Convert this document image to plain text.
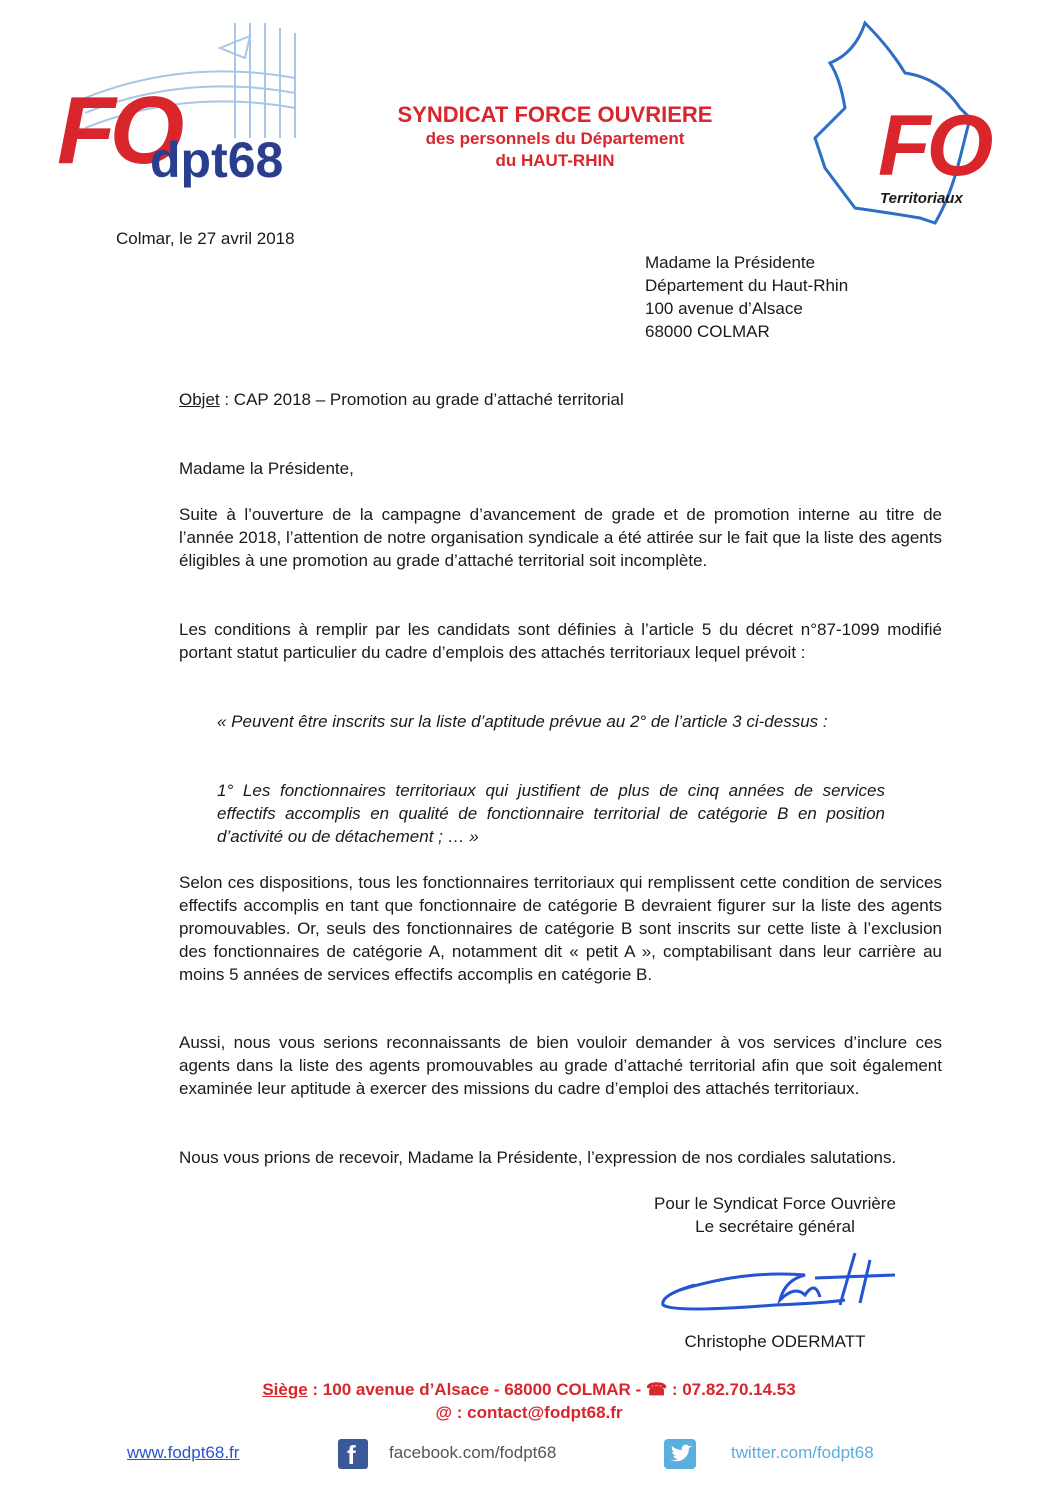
FO
dpt68
SYNDICAT FORCE OUVRIERE
des personnels du Département
du HAUT-RHIN	FO
Territoriaux
Colmar, le 27 avril 2018
Madame la Présidente
Département du Haut-Rhin
100 avenue d’Alsace
68000 COLMAR
Objet : CAP 2018 – Promotion au grade d’attaché territorial
Madame la Présidente,
Suite à l’ouverture de la campagne d’avancement de grade et de promotion interne au titre de l’année 2018, l’attention de notre organisation syndicale a été attirée sur le fait que la liste des agents éligibles à une promotion au grade d’attaché territorial soit incomplète.
Les conditions à remplir par les candidats sont définies à l’article 5 du décret n°87-1099 modifié portant statut particulier du cadre d’emplois des attachés territoriaux lequel prévoit :
« Peuvent être inscrits sur la liste d’aptitude prévue au 2° de l’article 3 ci-dessus :
1° Les fonctionnaires territoriaux qui justifient de plus de cinq années de services effectifs accomplis en qualité de fonctionnaire territorial de catégorie B en position d’activité ou de détachement ; … »
Selon ces dispositions, tous les fonctionnaires territoriaux qui remplissent cette condition de services effectifs accomplis en tant que fonctionnaire de catégorie B devraient figurer sur la liste des agents promouvables. Or, seuls des fonctionnaires de catégorie B sont inscrits sur cette liste à l’exclusion des fonctionnaires de catégorie A, notamment dit « petit A », comptabilisant dans leur carrière au moins 5 années de services effectifs accomplis en catégorie B.
Aussi, nous vous serions reconnaissants de bien vouloir demander à vos services d’inclure ces agents dans la liste des agents promouvables au grade d’attaché territorial afin que soit également examinée leur aptitude à exercer des missions du cadre d’emploi des attachés territoriaux.
Nous vous prions de recevoir, Madame la Présidente, l’expression de nos cordiales salutations.
Pour le Syndicat Force Ouvrière
Le secrétaire général
Christophe ODERMATT
Siège : 100 avenue d’Alsace - 68000 COLMAR - ☎ : 07.82.70.14.53
@ : contact@fodpt68.fr
www.fodpt68.fr	f facebook.com/fodpt68	twitter.com/fodpt68
